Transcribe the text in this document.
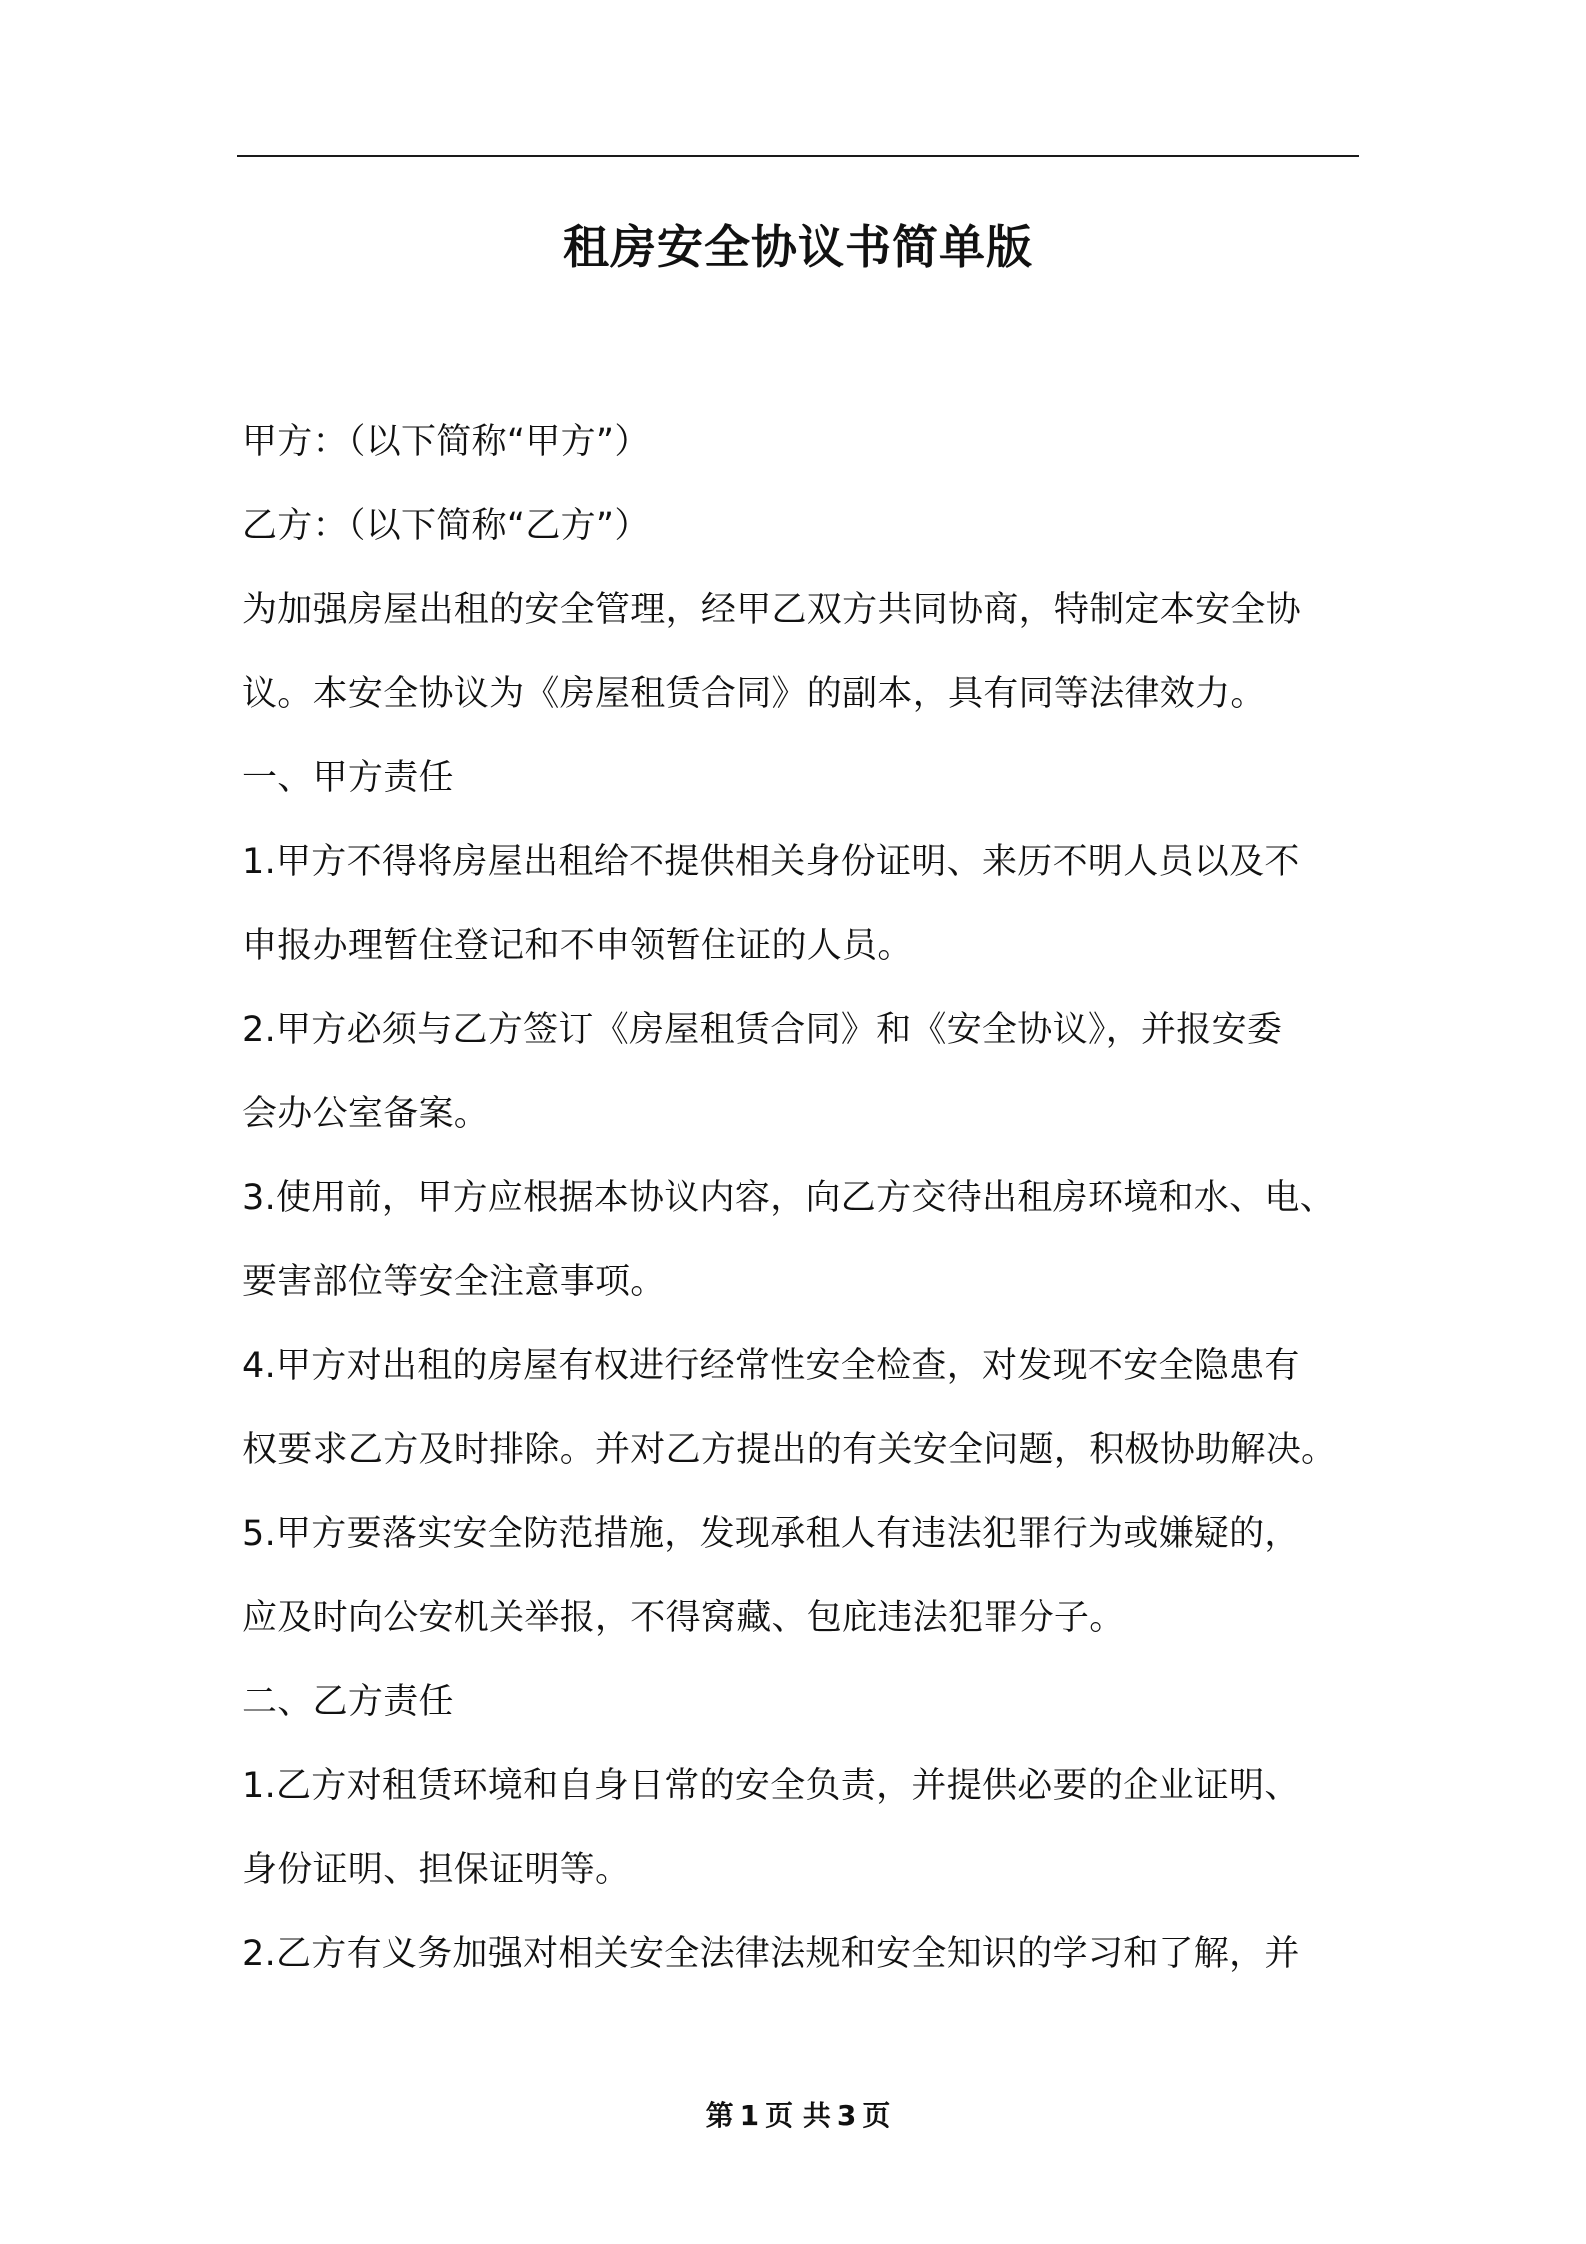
租房安全协议书简单版
甲方：（以下简称“甲方”）
乙方：（以下简称“乙方”）
为加强房屋出租的安全管理，经甲乙双方共同协商，特制定本安全协
议。本安全协议为《房屋租赁合同》的副本，具有同等法律效力。
一、甲方责任
1.甲方不得将房屋出租给不提供相关身份证明、来历不明人员以及不
申报办理暂住登记和不申领暂住证的人员。
2.甲方必须与乙方签订《房屋租赁合同》和《安全协议》，并报安委
会办公室备案。
3.使用前，甲方应根据本协议内容，向乙方交待出租房环境和水、电、
要害部位等安全注意事项。
4.甲方对出租的房屋有权进行经常性安全检查，对发现不安全隐患有
权要求乙方及时排除。并对乙方提出的有关安全问题，积极协助解决。
5.甲方要落实安全防范措施，发现承租人有违法犯罪行为或嫌疑的，
应及时向公安机关举报，不得窝藏、包庇违法犯罪分子。
二、乙方责任
1.乙方对租赁环境和自身日常的安全负责，并提供必要的企业证明、
身份证明、担保证明等。
2.乙方有义务加强对相关安全法律法规和安全知识的学习和了解，并
第 1 页 共 3 页
